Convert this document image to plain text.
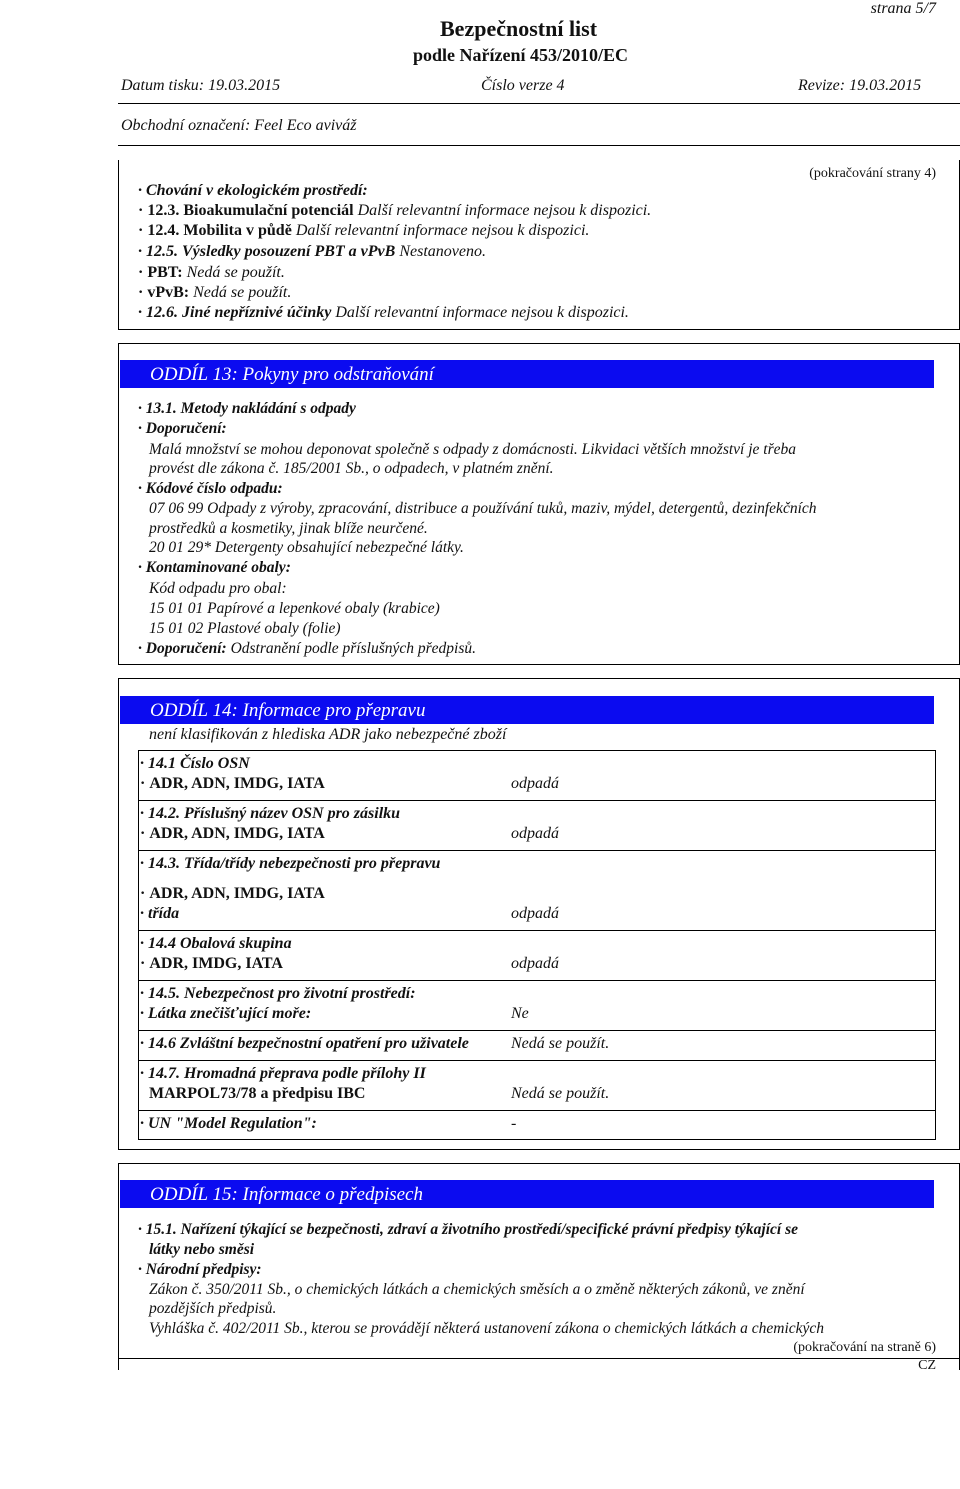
strana 5/7
Bezpečnostní list
podle Nařízení 453/2010/EC
Datum tisku: 19.03.2015	Číslo verze 4	Revize: 19.03.2015
Obchodní označení: Feel Eco aviváž
(pokračování strany 4)
· Chování v ekologickém prostředí:
· 12.3. Bioakumulační potenciál Další relevantní informace nejsou k dispozici.
· 12.4. Mobilita v půdě Další relevantní informace nejsou k dispozici.
· 12.5. Výsledky posouzení PBT a vPvB Nestanoveno.
· PBT: Nedá se použít.
· vPvB: Nedá se použít.
· 12.6. Jiné nepříznivé účinky Další relevantní informace nejsou k dispozici.
ODDÍL 13: Pokyny pro odstraňování
· 13.1. Metody nakládání s odpady
· Doporučení:
Malá množství se mohou deponovat společně s odpady z domácnosti. Likvidaci větších množství je třeba
provést dle zákona č. 185/2001 Sb., o odpadech, v platném znění.
· Kódové číslo odpadu:
07 06 99 Odpady z výroby, zpracování, distribuce a používání tuků, maziv, mýdel, detergentů, dezinfekčních
prostředků a kosmetiky, jinak blíže neurčené.
20 01 29* Detergenty obsahující nebezpečné látky.
· Kontaminované obaly:
Kód odpadu pro obal:
15 01 01 Papírové a lepenkové obaly (krabice)
15 01 02 Plastové obaly (folie)
· Doporučení: Odstranění podle příslušných předpisů.
ODDÍL 14: Informace pro přepravu
není klasifikován z hlediska ADR jako nebezpečné zboží
· 14.1 Číslo OSN
· ADR, ADN, IMDG, IATA	odpadá
· 14.2. Příslušný název OSN pro zásilku
· ADR, ADN, IMDG, IATA	odpadá
· 14.3. Třída/třídy nebezpečnosti pro přepravu
· ADR, ADN, IMDG, IATA
· třída	odpadá
· 14.4 Obalová skupina
· ADR, IMDG, IATA	odpadá
· 14.5. Nebezpečnost pro životní prostředí:
· Látka znečišťující moře:	Ne
· 14.6 Zvláštní bezpečnostní opatření pro uživatele	Nedá se použít.
· 14.7. Hromadná přeprava podle přílohy II
MARPOL73/78 a předpisu IBC	Nedá se použít.
· UN "Model Regulation":	-
ODDÍL 15: Informace o předpisech
· 15.1. Nařízení týkající se bezpečnosti, zdraví a životního prostředí/specifické právní předpisy týkající se
látky nebo směsi
· Národní předpisy:
Zákon č. 350/2011 Sb., o chemických látkách a chemických směsích a o změně některých zákonů, ve znění
pozdějších předpisů.
Vyhláška č. 402/2011 Sb., kterou se provádějí některá ustanovení zákona o chemických látkách a chemických
(pokračování na straně 6)
CZ
